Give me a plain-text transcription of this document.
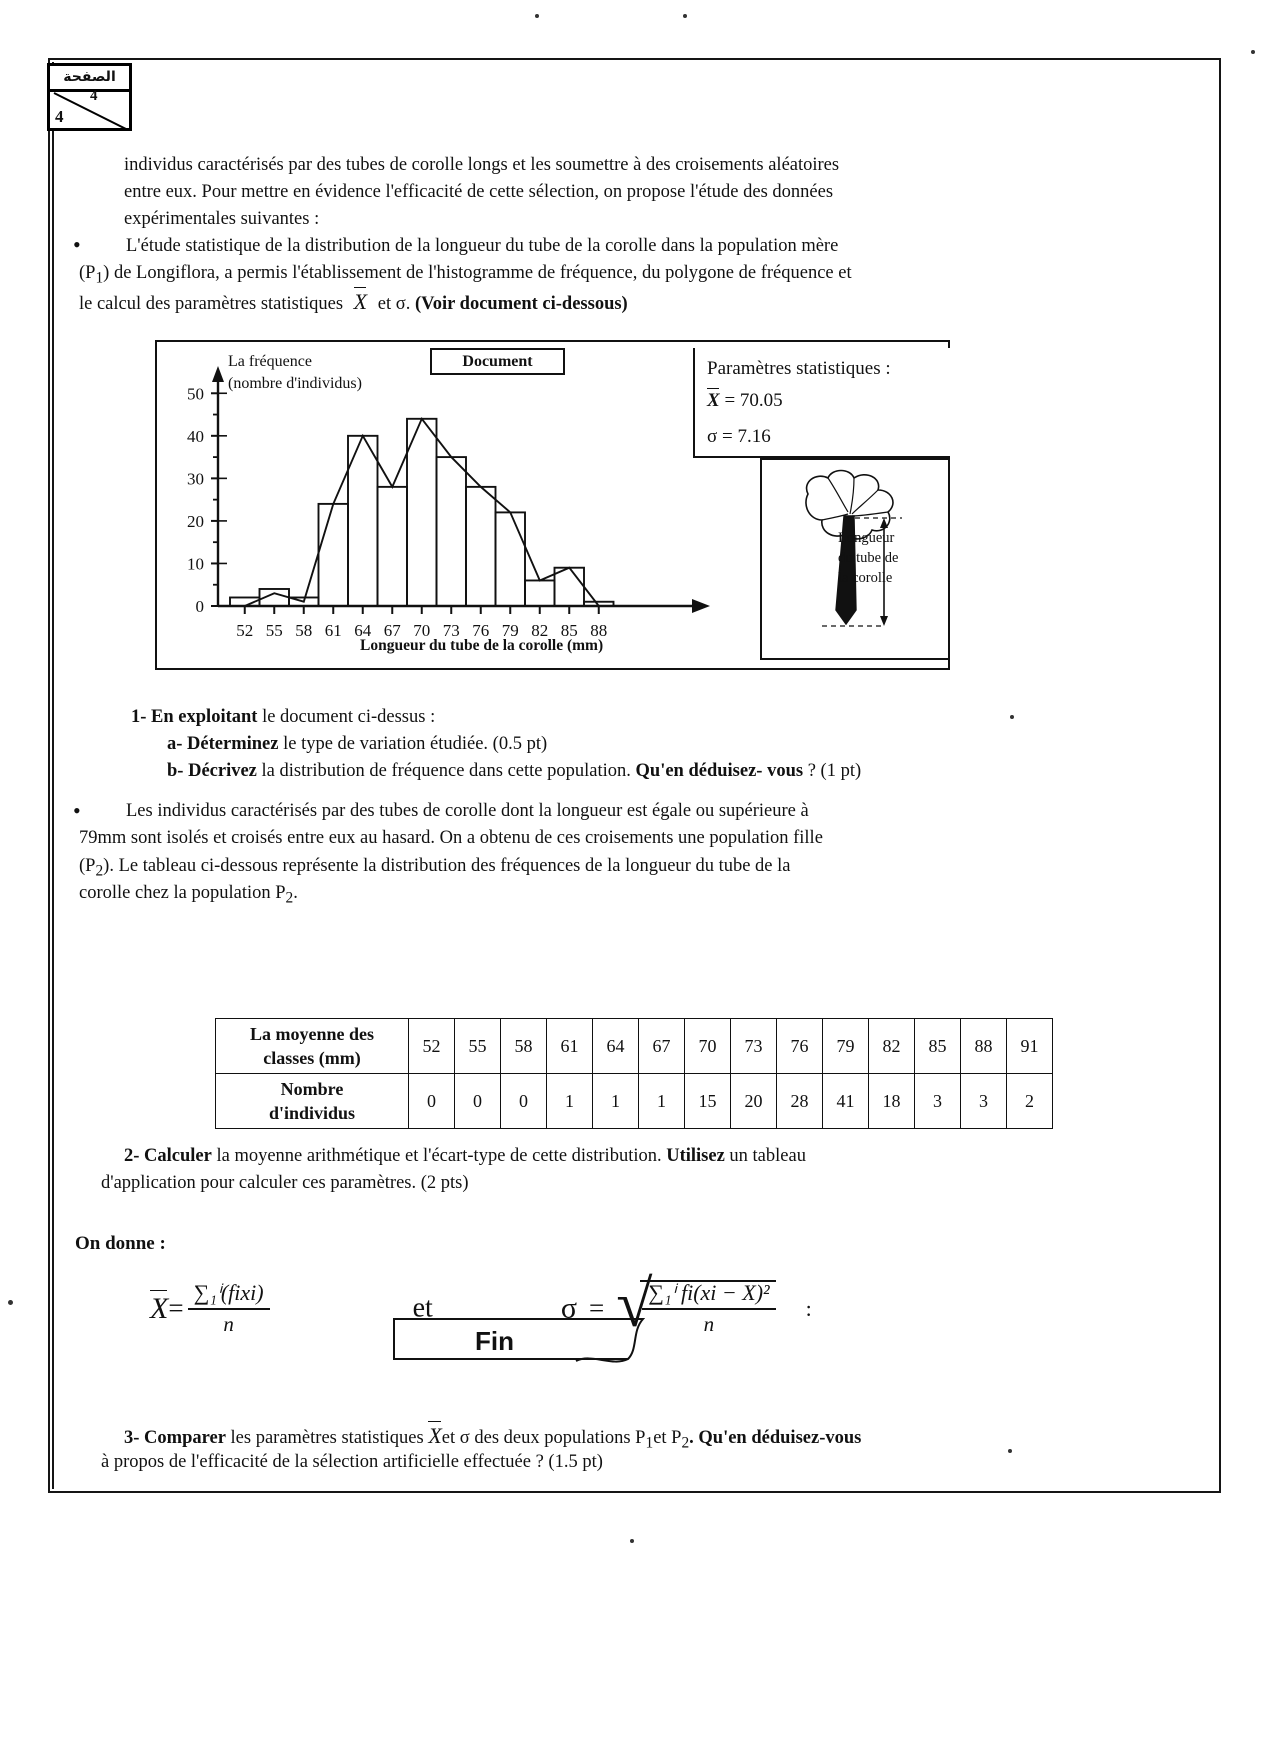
الصفحة
4
4
individus caractérisés par des tubes de corolle longs et les soumettre à des croisements aléatoires
entre eux. Pour mettre en évidence l'efficacité de cette sélection, on propose l'étude des données
expérimentales suivantes :
• L'étude statistique de la distribution de la longueur du tube de la corolle dans la population mère
$(P_1)$ de Longiflora, a permis l'établissement de l'histogramme de fréquence, du polygone de fréquence et
le calcul des paramètres statistiques X et σ. (Voir document ci-dessous)
Document
La fréquence
(nombre d'individus)
0
10
20
30
40
50
52 55 58 61 64 67 70 73 76 79 82 85 88
Longueur du tube de la corolle (mm)
Paramètres statistiques :
X = 70.05
σ = 7.16
Longueur
du tube de
la corolle
1- En exploitant le document ci-dessus :
a- Déterminez le type de variation étudiée. (0.5 pt)
b- Décrivez la distribution de fréquence dans cette population. Qu'en déduisez- vous ? (1 pt)
• Les individus caractérisés par des tubes de corolle dont la longueur est égale ou supérieure à
79mm sont isolés et croisés entre eux au hasard. On a obtenu de ces croisements une population fille
$(P_2)$. Le tableau ci-dessous représente la distribution des fréquences de la longueur du tube de la
corolle chez la population $P_2$.
La moyenne des
classes (mm)	52	55	58	61	64	67	70	73	76	79	82	85	88	91

Nombre
d'individus	0	0	0	1	1	1	15	20	28	41	18	3	3	2
2- Calculer la moyenne arithmétique et l'écart-type de cette distribution. Utilisez un tableau
d'application pour calculer ces paramètres. (2 pts)
On donne :
$X= \frac{\text{∑₁ⁱ(fixi)}}{n}$	et	σ = √
$\frac{\text{∑₁ⁱ fi(xi − X)²}}{n}$ :
3- Comparer les paramètres statistiques Xet σ des deux populations $P_1et$ $P_2$. Qu'en déduisez-vous
à propos de l'efficacité de la sélection artificielle effectuée ? (1.5 pt)
Fin
